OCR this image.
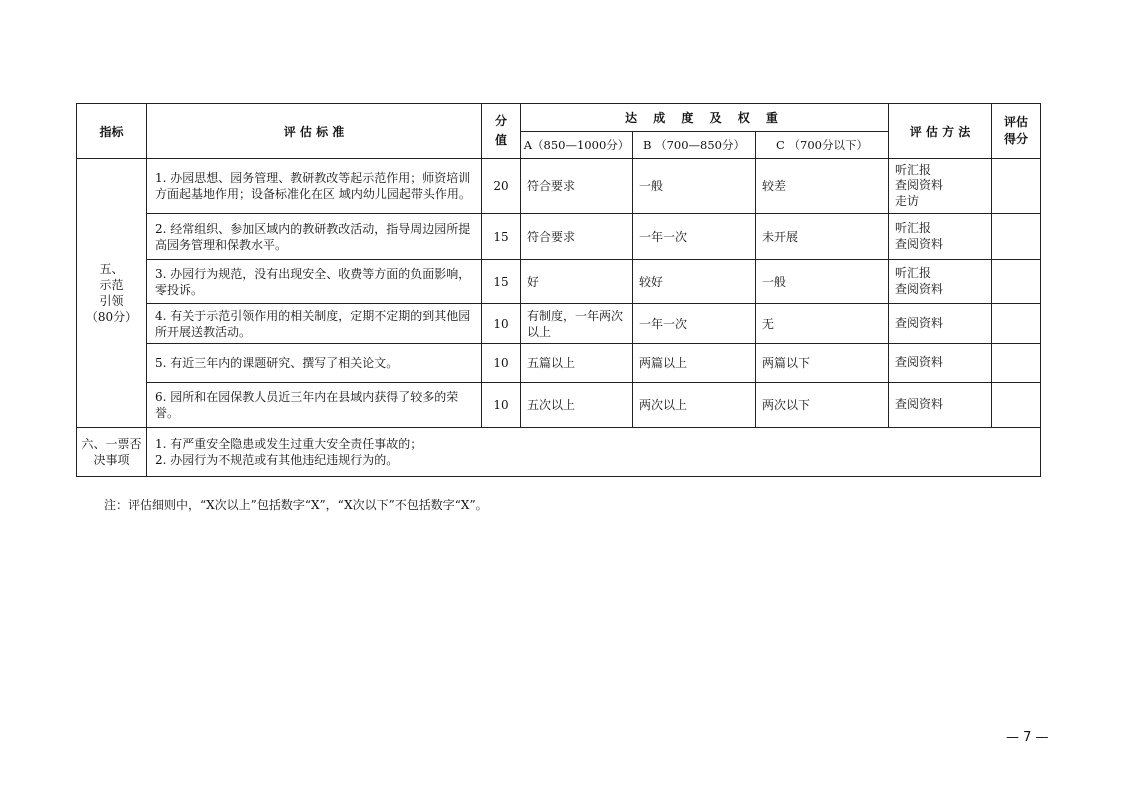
指标	评 估 标 准	分值	达 成 度 及 权 重			评 估 方 法	评估得分
			A（850—1000分）	B （700—850分）	C （700分以下）		
五、
示范
引领
（80分）	1. 办园思想、园务管理、教研教改等起示范作用；师资培训方面起基地作用；设备标准化在区 域内幼儿园起带头作用。	20	符合要求	一般	较差	听汇报
查阅资料
走访	
	2. 经常组织、参加区域内的教研教改活动，指导周边园所提高园务管理和保教水平。	15	符合要求	一年一次	未开展	听汇报
查阅资料	
	3. 办园行为规范，没有出现安全、收费等方面的负面影响，零投诉。	15	好	较好	一般	听汇报
查阅资料	
	4. 有关于示范引领作用的相关制度，定期不定期的到其他园所开展送教活动。	10	有制度，一年两次以上	一年一次	无	查阅资料	
	5. 有近三年内的课题研究、撰写了相关论文。	10	五篇以上	两篇以上	两篇以下	查阅资料	
	6. 园所和在园保教人员近三年内在县域内获得了较多的荣誉。	10	五次以上	两次以上	两次以下	查阅资料	
六、一票否决事项	1. 有严重安全隐患或发生过重大安全责任事故的；
2. 办园行为不规范或有其他违纪违规行为的。						
注：评估细则中，“X次以上”包括数字“X”，“X次以下”不包括数字“X”。
— 7 —
